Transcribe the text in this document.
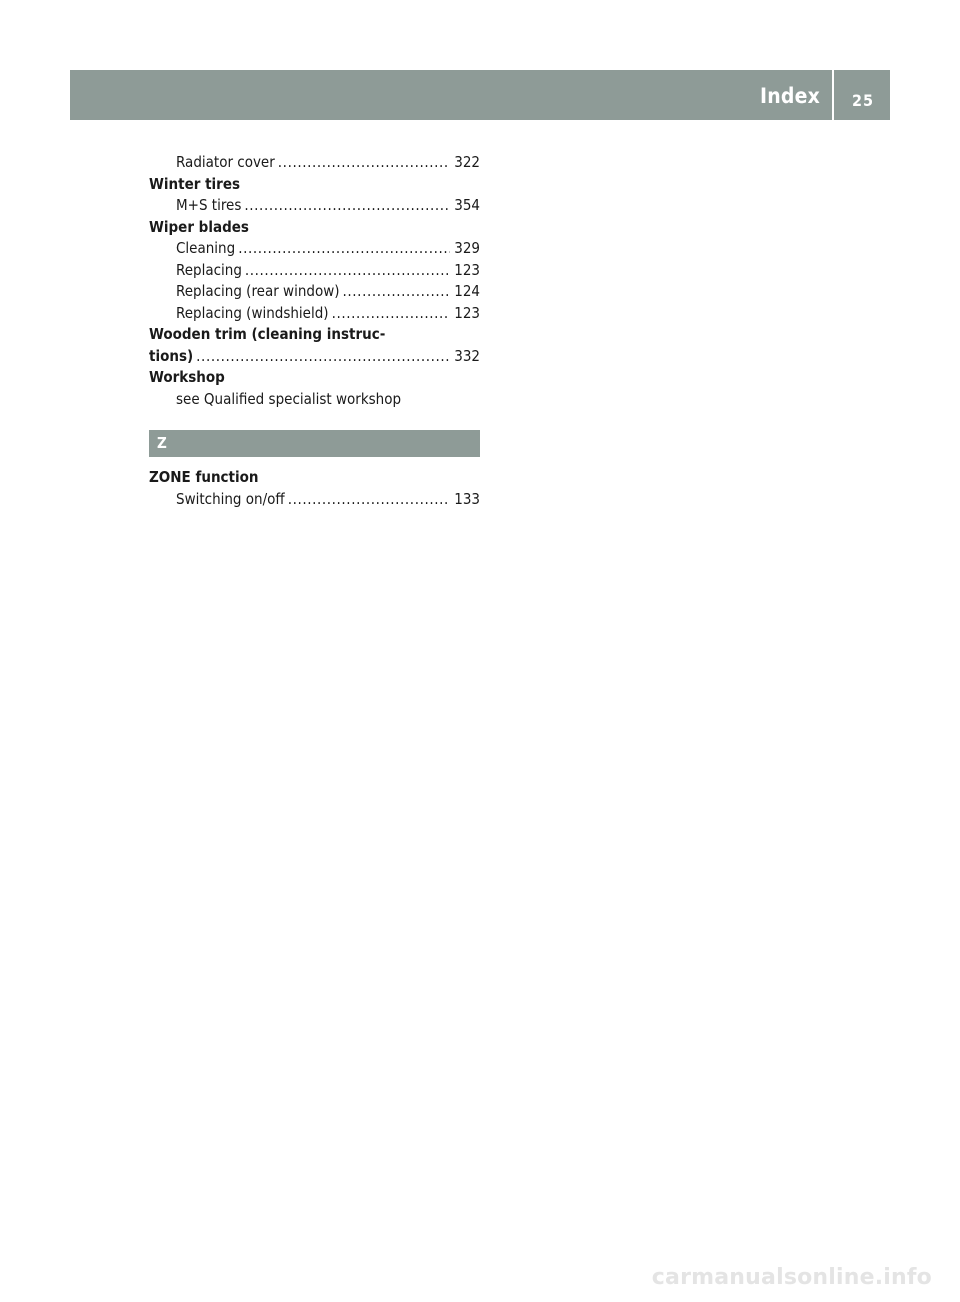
Index 25
Radiator cover .....	322
Winter tires
M+S tires .....	354
Wiper blades
Cleaning .....	329
Replacing .....	123
Replacing (rear window) .....	124
Replacing (windshield) .....	123
Wooden trim (cleaning instruc-
tions) .....	332
Workshop
see Qualified specialist workshop
Z
ZONE function
Switching on/off .....	133
carmanualsonline.info
